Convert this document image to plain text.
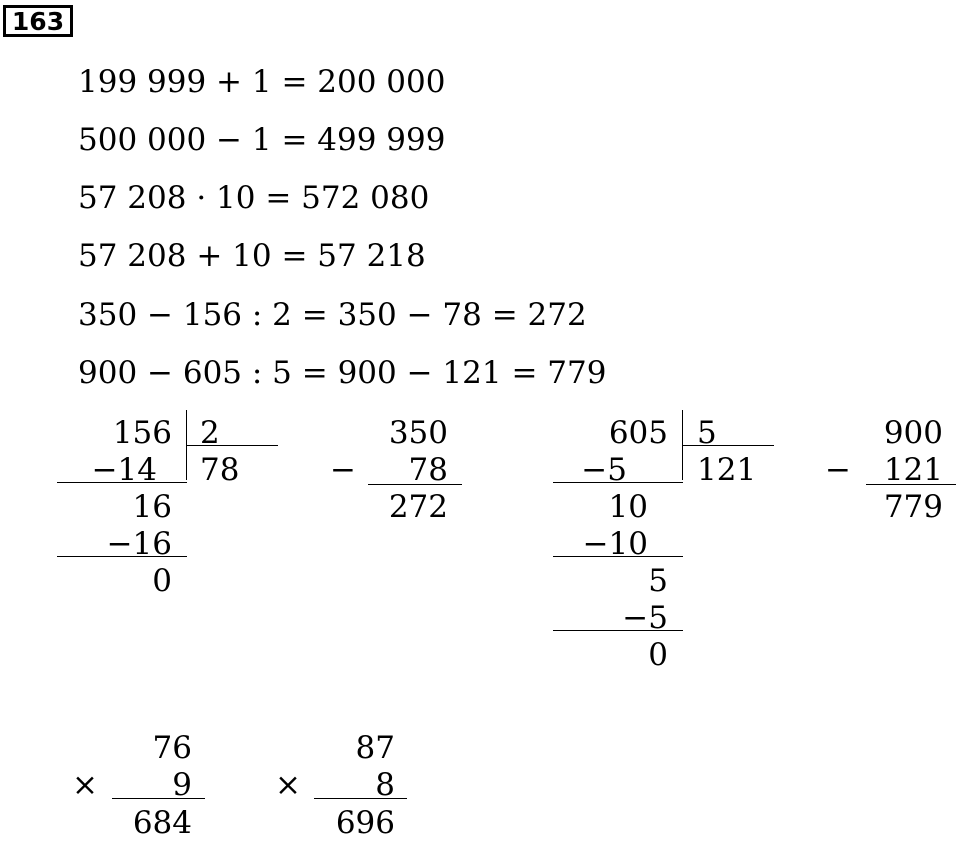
163
199 999 + 1 = 200 000
500 000 − 1 = 499 999
57 208 · 10 = 572 080
57 208 + 10 = 57 218
350 − 156 : 2 = 350 − 78 = 272
900 − 605 : 5 = 900 − 121 = 779
156 2
78
−14
16
−16
0
−
350
78
272
605 5
121
−5
10
−10
5
−5
0
−
900
121
779
76
×	9
684
87
×	8
696
